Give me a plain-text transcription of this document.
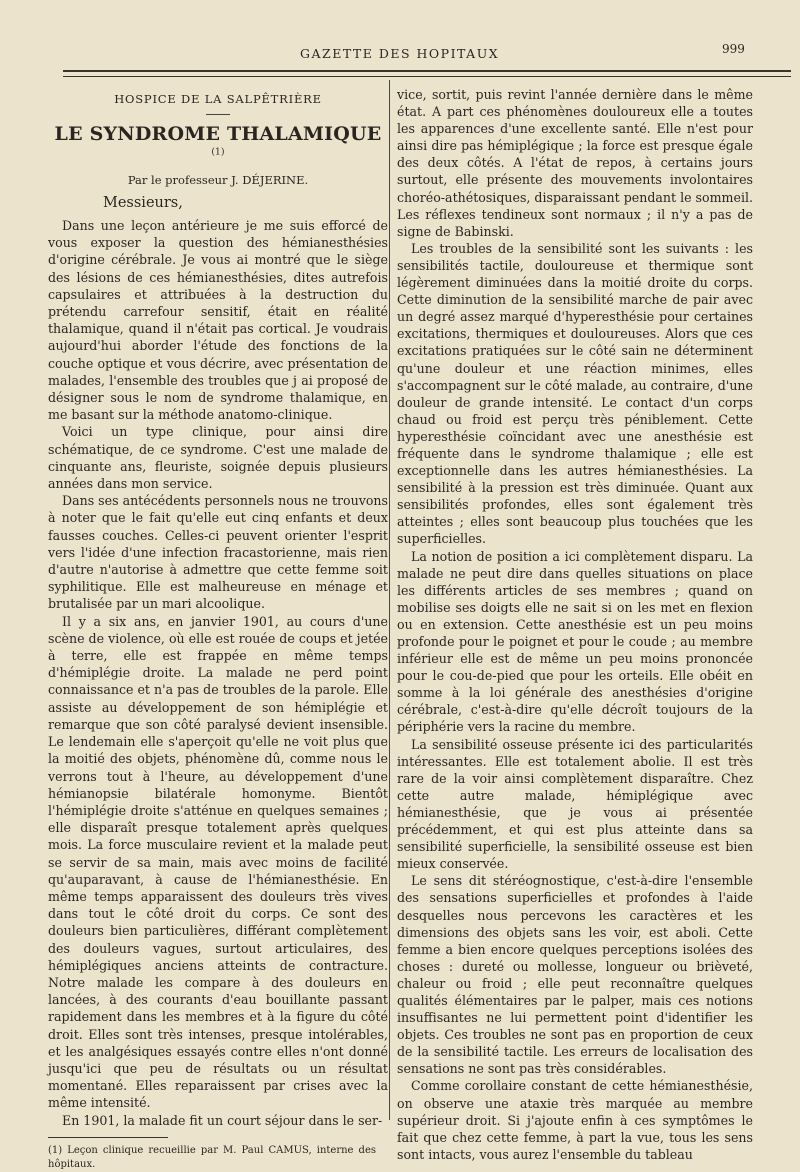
GAZETTE DES HOPITAUX	999
HOSPICE DE LA SALPÊTRIÈRE
LE SYNDROME THALAMIQUE $^{(1)}$
Par le professeur J. DÉJERINE.
Messieurs,

Dans une leçon antérieure je me suis efforcé de vous exposer la question des hémianesthésies d'origine cérébrale. Je vous ai montré que le siège des lésions de ces hémianesthésies, dites autrefois capsulaires et attribuées à la destruction du prétendu carrefour sensitif, était en réalité thalamique, quand il n'était pas cortical. Je voudrais aujourd'hui aborder l'étude des fonctions de la couche optique et vous décrire, avec présentation de malades, l'ensemble des troubles que j ai proposé de désigner sous le nom de syndrome thalamique, en me basant sur la méthode anatomo-clinique.

Voici un type clinique, pour ainsi dire schématique, de ce syndrome. C'est une malade de cinquante ans, fleuriste, soignée depuis plusieurs années dans mon service.

Dans ses antécédents personnels nous ne trouvons à noter que le fait qu'elle eut cinq enfants et deux fausses couches. Celles-ci peuvent orienter l'esprit vers l'idée d'une infection fracastorienne, mais rien d'autre n'autorise à admettre que cette femme soit syphilitique. Elle est malheureuse en ménage et brutalisée par un mari alcoolique.

Il y a six ans, en janvier 1901, au cours d'une scène de violence, où elle est rouée de coups et jetée à terre, elle est frappée en même temps d'hémiplégie droite. La malade ne perd point connaissance et n'a pas de troubles de la parole. Elle assiste au développement de son hémiplégie et remarque que son côté paralysé devient insensible. Le lendemain elle s'aperçoit qu'elle ne voit plus que la moitié des objets, phénomène dû, comme nous le verrons tout à l'heure, au développement d'une hémianopsie bilatérale homonyme. Bientôt l'hémiplégie droite s'atténue en quelques semaines ; elle disparaît presque totalement après quelques mois. La force musculaire revient et la malade peut se servir de sa main, mais avec moins de facilité qu'auparavant, à cause de l'hémianesthésie. En même temps apparaissent des douleurs très vives dans tout le côté droit du corps. Ce sont des douleurs bien particulières, différant complètement des douleurs vagues, surtout articulaires, des hémiplégiques anciens atteints de contracture. Notre malade les compare à des douleurs en lancées, à des courants d'eau bouillante passant rapidement dans les membres et à la figure du côté droit. Elles sont très intenses, presque intolérables, et les analgésiques essayés contre elles n'ont donné jusqu'ici que peu de résultats ou un résultat momentané. Elles reparaissent par crises avec la même intensité.

En 1901, la malade fit un court séjour dans le ser-

(1) Leçon clinique recueillie par M. Paul CAMUS, interne des hôpitaux.

vice, sortit, puis revint l'année dernière dans le même état. A part ces phénomènes douloureux elle a toutes les apparences d'une excellente santé. Elle n'est pour ainsi dire pas hémiplégique ; la force est presque égale des deux côtés. A l'état de repos, à certains jours surtout, elle présente des mouvements involontaires choréo-athétosiques, disparaissant pendant le sommeil. Les réflexes tendineux sont normaux ; il n'y a pas de signe de Babinski.

Les troubles de la sensibilité sont les suivants : les sensibilités tactile, douloureuse et thermique sont légèrement diminuées dans la moitié droite du corps. Cette diminution de la sensibilité marche de pair avec un degré assez marqué d'hyperesthésie pour certaines excitations, thermiques et douloureuses. Alors que ces excitations pratiquées sur le côté sain ne déterminent qu'une douleur et une réaction minimes, elles s'accompagnent sur le côté malade, au contraire, d'une douleur de grande intensité. Le contact d'un corps chaud ou froid est perçu très péniblement. Cette hyperesthésie coïncidant avec une anesthésie est fréquente dans le syndrome thalamique ; elle est exceptionnelle dans les autres hémianesthésies. La sensibilité à la pression est très diminuée. Quant aux sensibilités profondes, elles sont également très atteintes ; elles sont beaucoup plus touchées que les superficielles.

La notion de position a ici complètement disparu. La malade ne peut dire dans quelles situations on place les différents articles de ses membres ; quand on mobilise ses doigts elle ne sait si on les met en flexion ou en extension. Cette anesthésie est un peu moins profonde pour le poignet et pour le coude ; au membre inférieur elle est de même un peu moins prononcée pour le cou-de-pied que pour les orteils. Elle obéit en somme à la loi générale des anesthésies d'origine cérébrale, c'est-à-dire qu'elle décroît toujours de la périphérie vers la racine du membre.

La sensibilité osseuse présente ici des particularités intéressantes. Elle est totalement abolie. Il est très rare de la voir ainsi complètement disparaître. Chez cette autre malade, hémiplégique avec hémianesthésie, que je vous ai présentée précédemment, et qui est plus atteinte dans sa sensibilité superficielle, la sensibilité osseuse est bien mieux conservée.

Le sens dit stéréognostique, c'est-à-dire l'ensemble des sensations superficielles et profondes à l'aide desquelles nous percevons les caractères et les dimensions des objets sans les voir, est aboli. Cette femme a bien encore quelques perceptions isolées des choses : dureté ou mollesse, longueur ou brièveté, chaleur ou froid ; elle peut reconnaître quelques qualités élémentaires par le palper, mais ces notions insuffisantes ne lui permettent point d'identifier les objets. Ces troubles ne sont pas en proportion de ceux de la sensibilité tactile. Les erreurs de localisation des sensations ne sont pas très considérables.

Comme corollaire constant de cette hémianesthésie, on observe une ataxie très marquée au membre supérieur droit. Si j'ajoute enfin à ces symptômes le fait que chez cette femme, à part la vue, tous les sens sont intacts, vous aurez l'ensemble du tableau
